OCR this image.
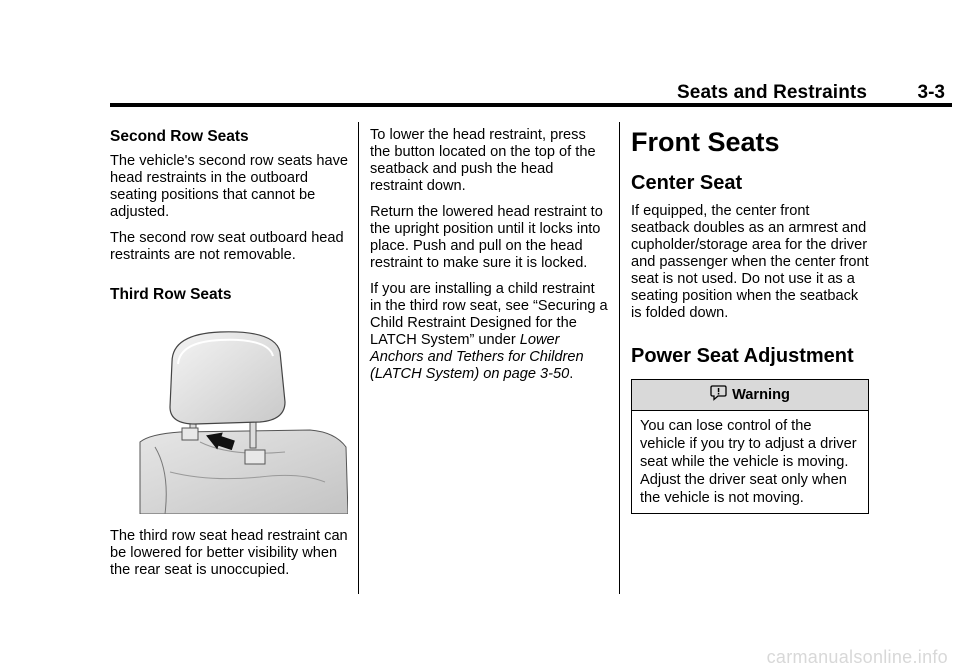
Seats and Restraints	3-3
Second Row Seats

The vehicle's second row seats have head restraints in the outboard seating positions that cannot be adjusted.

The second row seat outboard head restraints are not removable.

Third Row Seats

The third row seat head restraint can be lowered for better visibility when the rear seat is unoccupied.

To lower the head restraint, press the button located on the top of the seatback and push the head restraint down.

Return the lowered head restraint to the upright position until it locks into place. Push and pull on the head restraint to make sure it is locked.

If you are installing a child restraint in the third row seat, see “Securing a Child Restraint Designed for the LATCH System” under Lower Anchors and Tethers for Children (LATCH System) on page 3-50.

Front Seats
Center Seat

If equipped, the center front seatback doubles as an armrest and cupholder/storage area for the driver and passenger when the center front seat is not used. Do not use it as a seating position when the seatback is folded down.

Power Seat Adjustment
Warning
You can lose control of the vehicle if you try to adjust a driver seat while the vehicle is moving. Adjust the driver seat only when the vehicle is not moving.
carmanualsonline.info
